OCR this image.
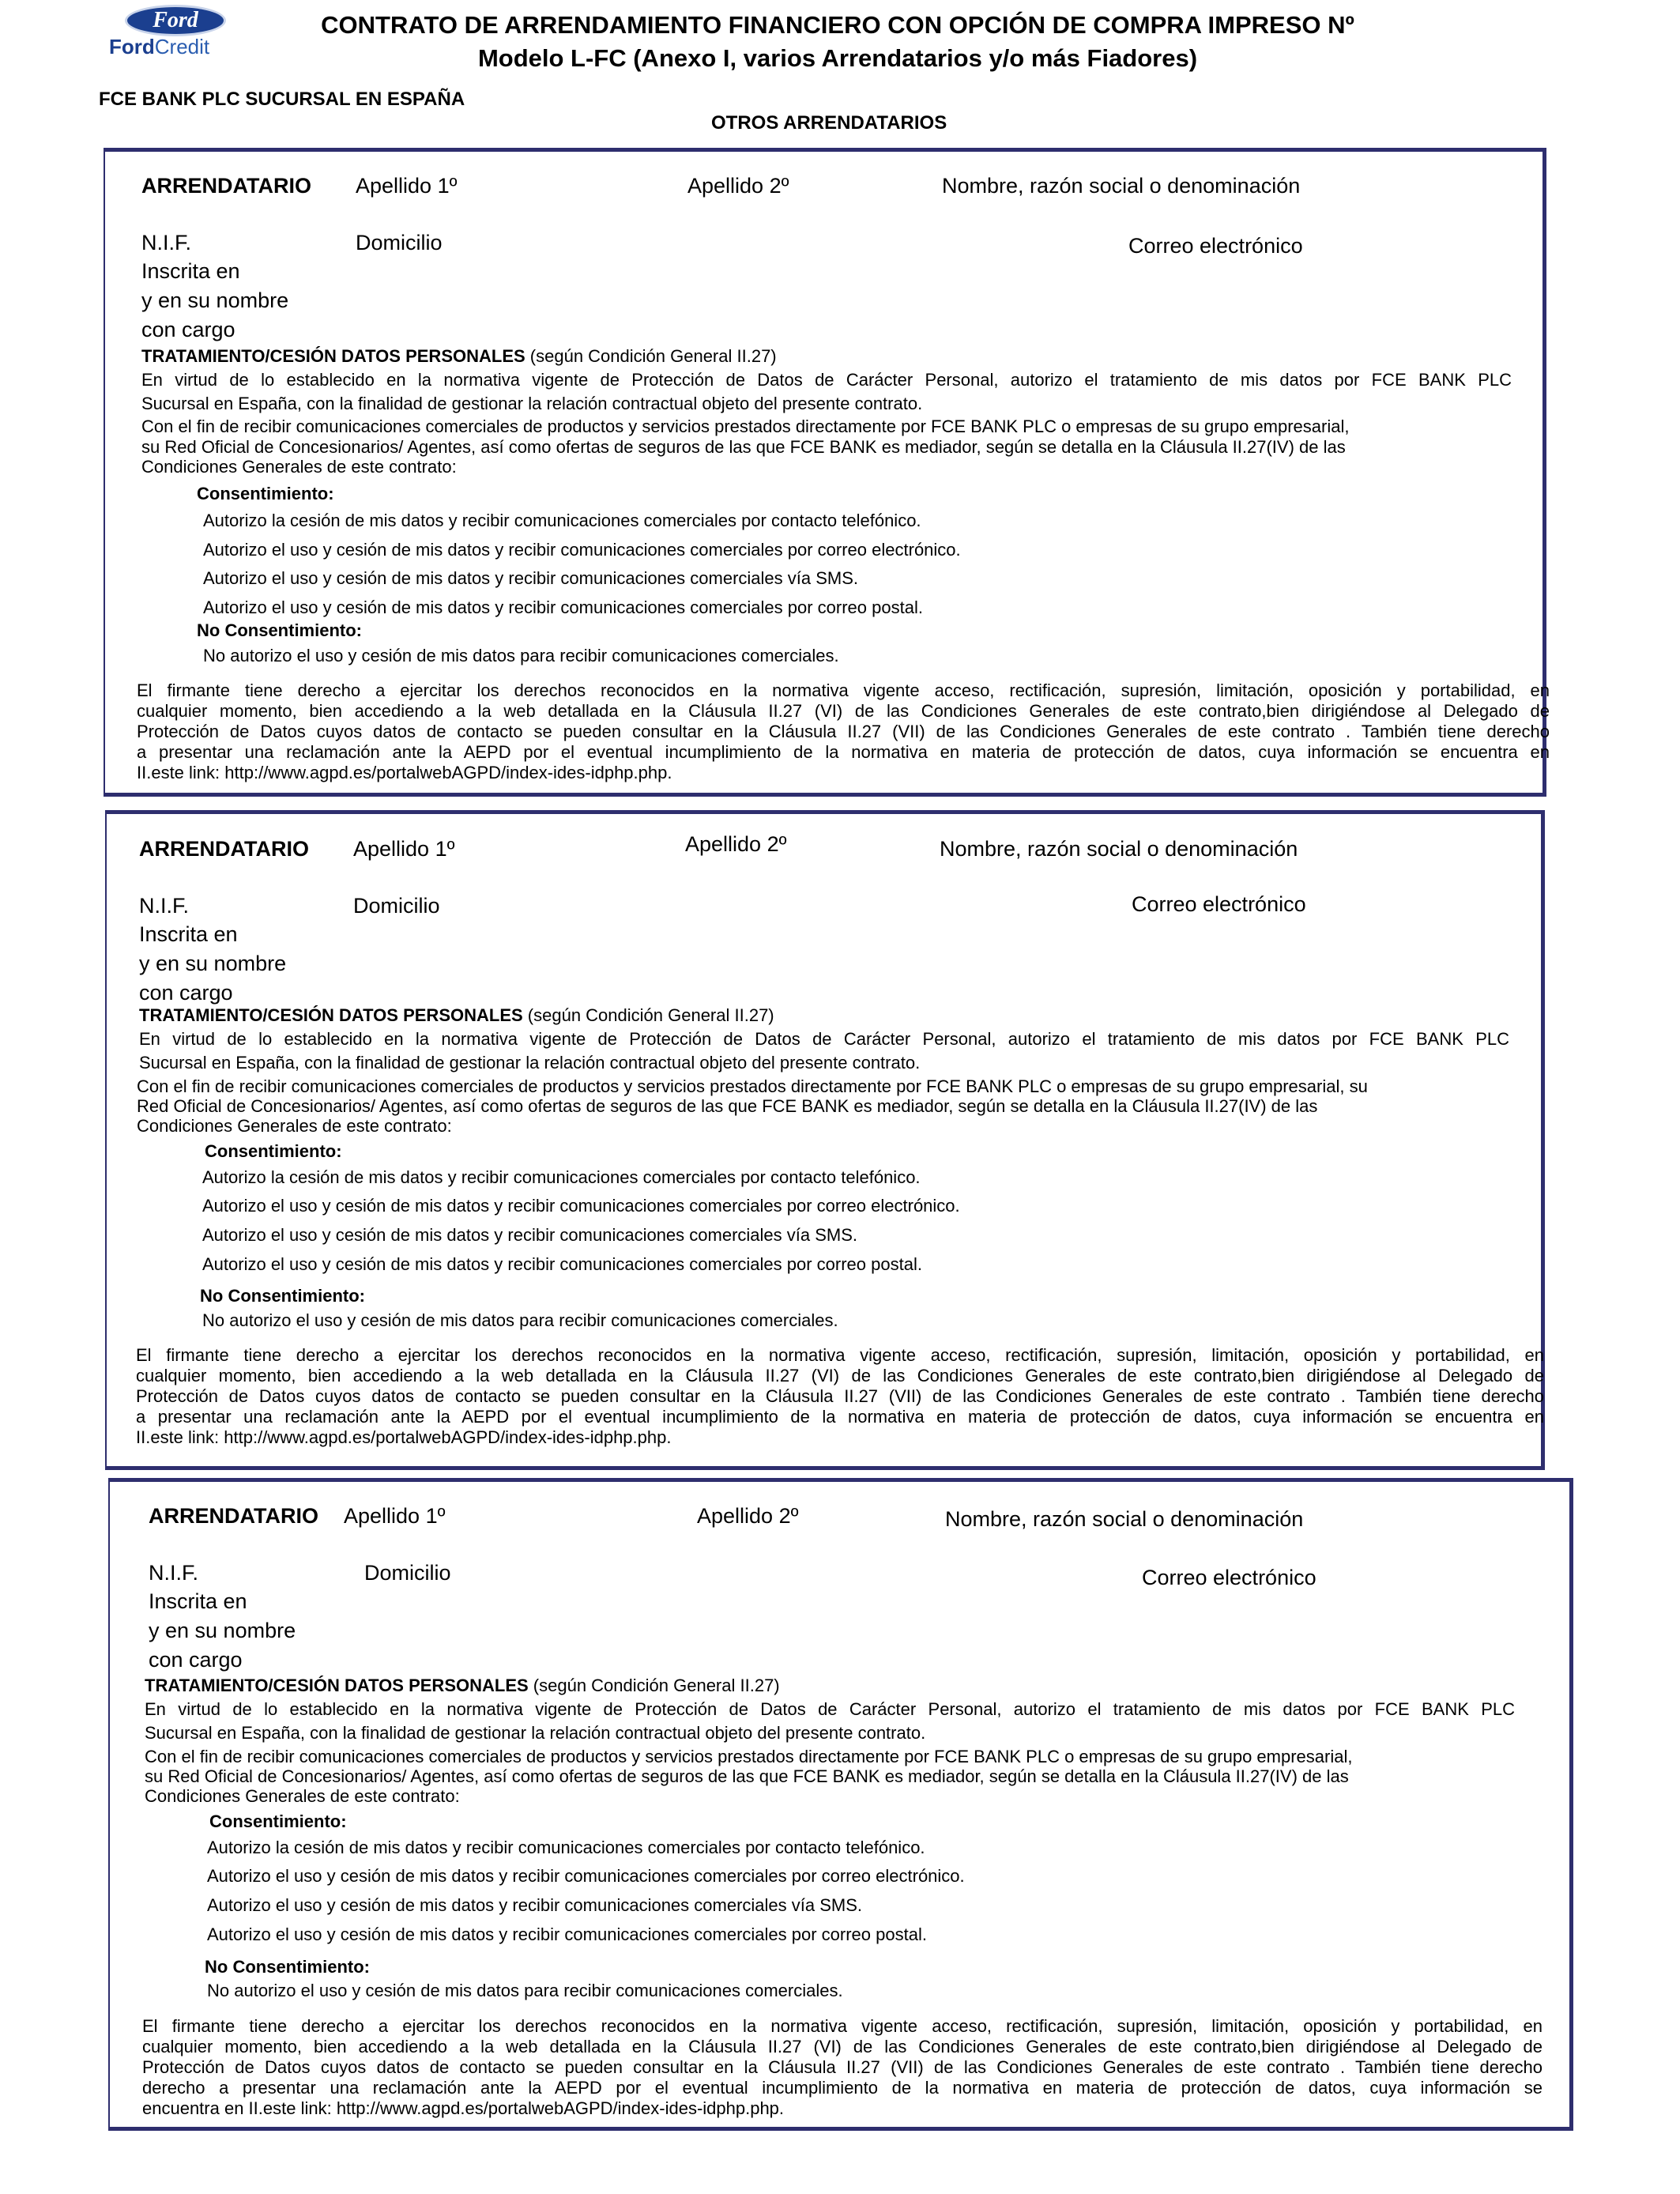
Ford
FordCredit
CONTRATO DE ARRENDAMIENTO FINANCIERO CON OPCIÓN DE COMPRA IMPRESO Nº
Modelo L-FC (Anexo I, varios Arrendatarios y/o más Fiadores)
FCE BANK PLC SUCURSAL EN ESPAÑA
OTROS ARRENDATARIOS
ARRENDATARIO Apellido 1º	Apellido 2º	Nombre, razón social o denominación
N.I.F.	Domicilio	Correo electrónico
Inscrita en
y en su nombre
con cargo
TRATAMIENTO/CESIÓN DATOS PERSONALES (según Condición General II.27)
En virtud de lo establecido en la normativa vigente de Protección de Datos de Carácter Personal, autorizo el tratamiento de mis datos por FCE BANK PLC
Sucursal en España, con la finalidad de gestionar la relación contractual objeto del presente contrato.
Con el fin de recibir comunicaciones comerciales de productos y servicios prestados directamente por FCE BANK PLC o empresas de su grupo empresarial,
su Red Oficial de Concesionarios/ Agentes, así como ofertas de seguros de las que FCE BANK es mediador, según se detalla en la Cláusula II.27(IV) de las
Condiciones Generales de este contrato:
Consentimiento:
Autorizo la cesión de mis datos y recibir comunicaciones comerciales por contacto telefónico.
Autorizo el uso y cesión de mis datos y recibir comunicaciones comerciales por correo electrónico.
Autorizo el uso y cesión de mis datos y recibir comunicaciones comerciales vía SMS.
Autorizo el uso y cesión de mis datos y recibir comunicaciones comerciales por correo postal.
No Consentimiento:
No autorizo el uso y cesión de mis datos para recibir comunicaciones comerciales.
El firmante tiene derecho a ejercitar los derechos reconocidos en la normativa vigente acceso, rectificación, supresión, limitación, oposición y portabilidad, en
cualquier momento, bien accediendo a la web detallada en la Cláusula II.27 (VI) de las Condiciones Generales de este contrato,bien dirigiéndose al Delegado de
Protección de Datos cuyos datos de contacto se pueden consultar en la Cláusula II.27 (VII) de las Condiciones Generales de este contrato . También tiene derecho
a presentar una reclamación ante la AEPD por el eventual incumplimiento de la normativa en materia de protección de datos, cuya información se encuentra en
II.este link: http://www.agpd.es/portalwebAGPD/index-ides-idphp.php.
ARRENDATARIO Apellido 1º	Apellido 2º	Nombre, razón social o denominación
N.I.F.	Domicilio	Correo electrónico
Inscrita en
y en su nombre
con cargo
TRATAMIENTO/CESIÓN DATOS PERSONALES (según Condición General II.27)
En virtud de lo establecido en la normativa vigente de Protección de Datos de Carácter Personal, autorizo el tratamiento de mis datos por FCE BANK PLC
Sucursal en España, con la finalidad de gestionar la relación contractual objeto del presente contrato.
Con el fin de recibir comunicaciones comerciales de productos y servicios prestados directamente por FCE BANK PLC o empresas de su grupo empresarial, su
Red Oficial de Concesionarios/ Agentes, así como ofertas de seguros de las que FCE BANK es mediador, según se detalla en la Cláusula II.27(IV) de las
Condiciones Generales de este contrato:
Consentimiento:
Autorizo la cesión de mis datos y recibir comunicaciones comerciales por contacto telefónico.
Autorizo el uso y cesión de mis datos y recibir comunicaciones comerciales por correo electrónico.
Autorizo el uso y cesión de mis datos y recibir comunicaciones comerciales vía SMS.
Autorizo el uso y cesión de mis datos y recibir comunicaciones comerciales por correo postal.
No Consentimiento:
No autorizo el uso y cesión de mis datos para recibir comunicaciones comerciales.
El firmante tiene derecho a ejercitar los derechos reconocidos en la normativa vigente acceso, rectificación, supresión, limitación, oposición y portabilidad, en
cualquier momento, bien accediendo a la web detallada en la Cláusula II.27 (VI) de las Condiciones Generales de este contrato,bien dirigiéndose al Delegado de
Protección de Datos cuyos datos de contacto se pueden consultar en la Cláusula II.27 (VII) de las Condiciones Generales de este contrato . También tiene derecho
a presentar una reclamación ante la AEPD por el eventual incumplimiento de la normativa en materia de protección de datos, cuya información se encuentra en
II.este link: http://www.agpd.es/portalwebAGPD/index-ides-idphp.php.
ARRENDATARIO Apellido 1º	Apellido 2º	Nombre, razón social o denominación
N.I.F.	Domicilio	Correo electrónico
Inscrita en
y en su nombre
con cargo
TRATAMIENTO/CESIÓN DATOS PERSONALES (según Condición General II.27)
En virtud de lo establecido en la normativa vigente de Protección de Datos de Carácter Personal, autorizo el tratamiento de mis datos por FCE BANK PLC
Sucursal en España, con la finalidad de gestionar la relación contractual objeto del presente contrato.
Con el fin de recibir comunicaciones comerciales de productos y servicios prestados directamente por FCE BANK PLC o empresas de su grupo empresarial,
su Red Oficial de Concesionarios/ Agentes, así como ofertas de seguros de las que FCE BANK es mediador, según se detalla en la Cláusula II.27(IV) de las
Condiciones Generales de este contrato:
Consentimiento:
Autorizo la cesión de mis datos y recibir comunicaciones comerciales por contacto telefónico.
Autorizo el uso y cesión de mis datos y recibir comunicaciones comerciales por correo electrónico.
Autorizo el uso y cesión de mis datos y recibir comunicaciones comerciales vía SMS.
Autorizo el uso y cesión de mis datos y recibir comunicaciones comerciales por correo postal.
No Consentimiento:
No autorizo el uso y cesión de mis datos para recibir comunicaciones comerciales.
El firmante tiene derecho a ejercitar los derechos reconocidos en la normativa vigente acceso, rectificación, supresión, limitación, oposición y portabilidad, en
cualquier momento, bien accediendo a la web detallada en la Cláusula II.27 (VI) de las Condiciones Generales de este contrato,bien dirigiéndose al Delegado de
Protección de Datos cuyos datos de contacto se pueden consultar en la Cláusula II.27 (VII) de las Condiciones Generales de este contrato . También tiene derecho
derecho a presentar una reclamación ante la AEPD por el eventual incumplimiento de la normativa en materia de protección de datos, cuya información se
encuentra en II.este link: http://www.agpd.es/portalwebAGPD/index-ides-idphp.php.
